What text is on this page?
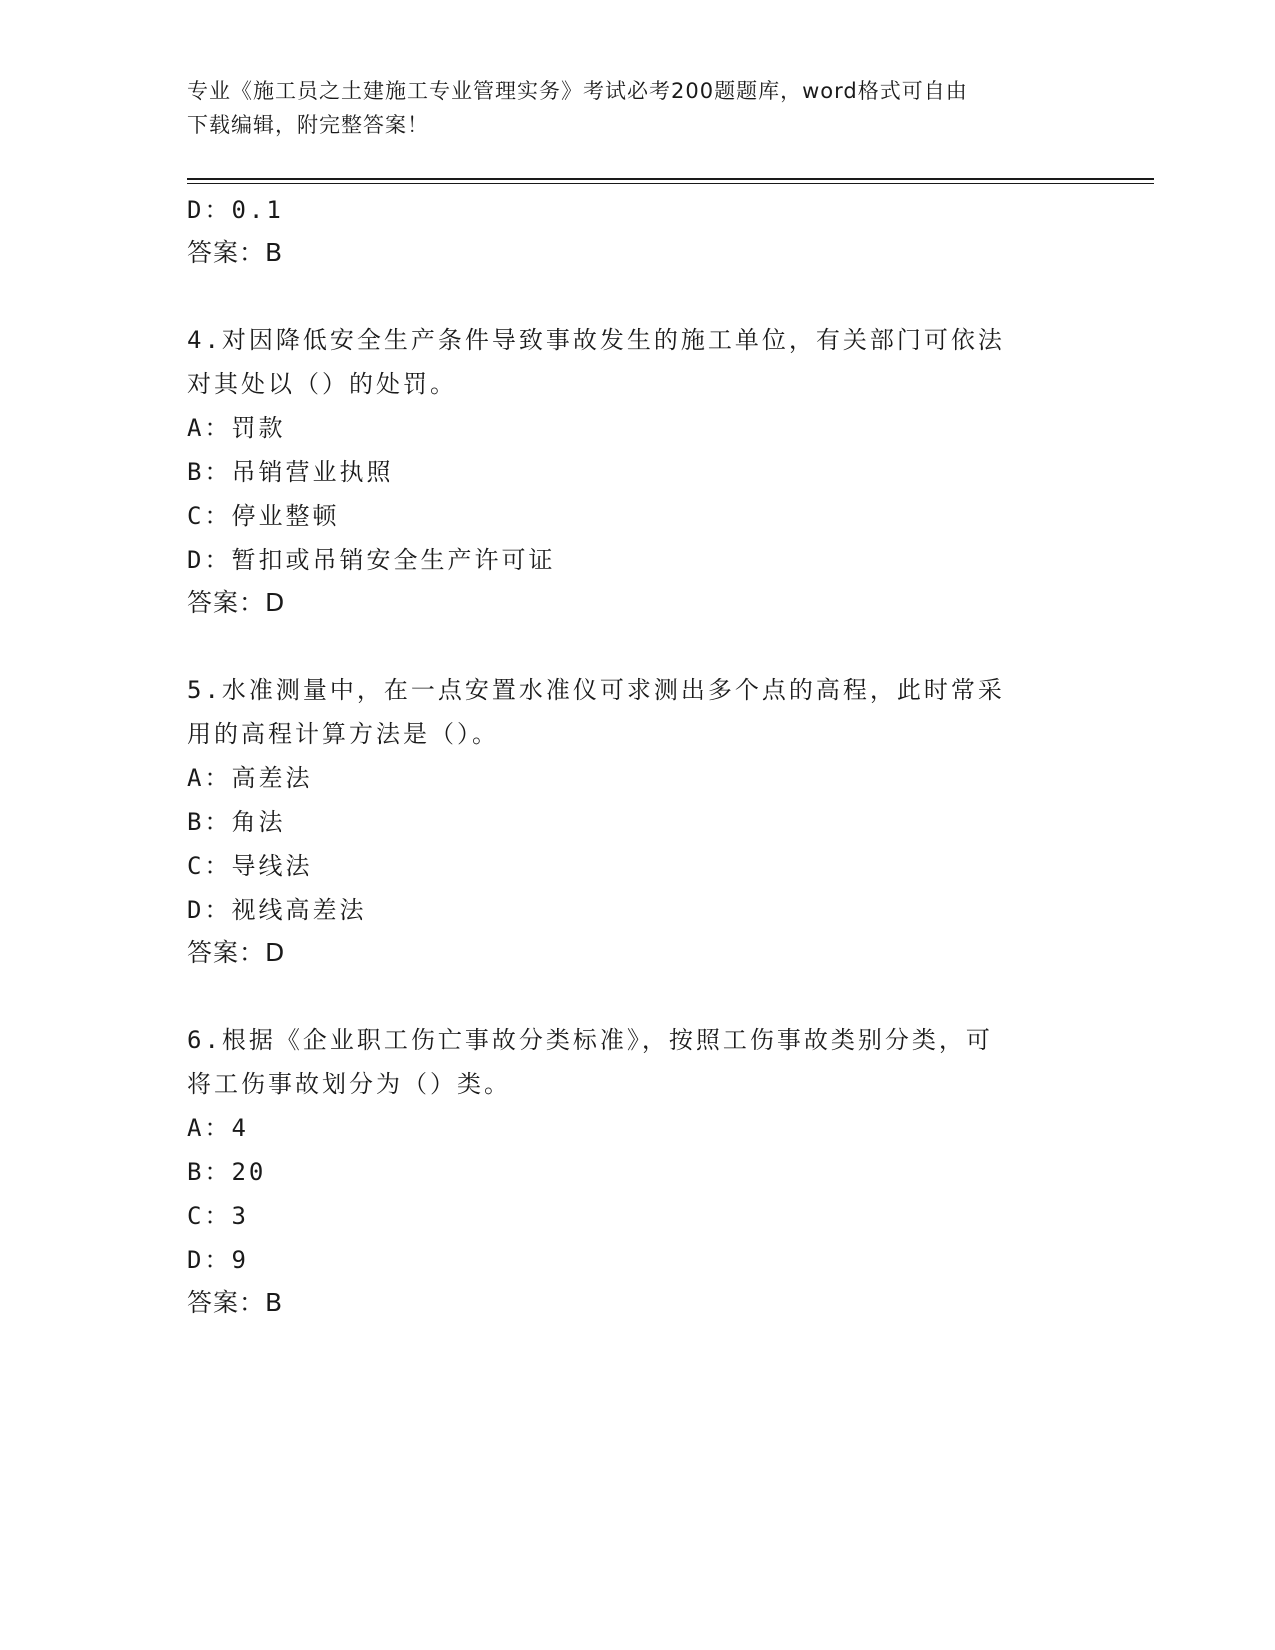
专业《施工员之土建施工专业管理实务》考试必考200题题库，word格式可自由
下载编辑，附完整答案！
D：0.1
答案：B
4.对因降低安全生产条件导致事故发生的施工单位，有关部门可依法
对其处以（）的处罚。
A：罚款
B：吊销营业执照
C：停业整顿
D：暂扣或吊销安全生产许可证
答案：D
5.水准测量中，在一点安置水准仪可求测出多个点的高程，此时常采
用的高程计算方法是（）。
A：高差法
B：角法
C：导线法
D：视线高差法
答案：D
6.根据《企业职工伤亡事故分类标准》，按照工伤事故类别分类，可
将工伤事故划分为（）类。
A：4
B：20
C：3
D：9
答案：B
